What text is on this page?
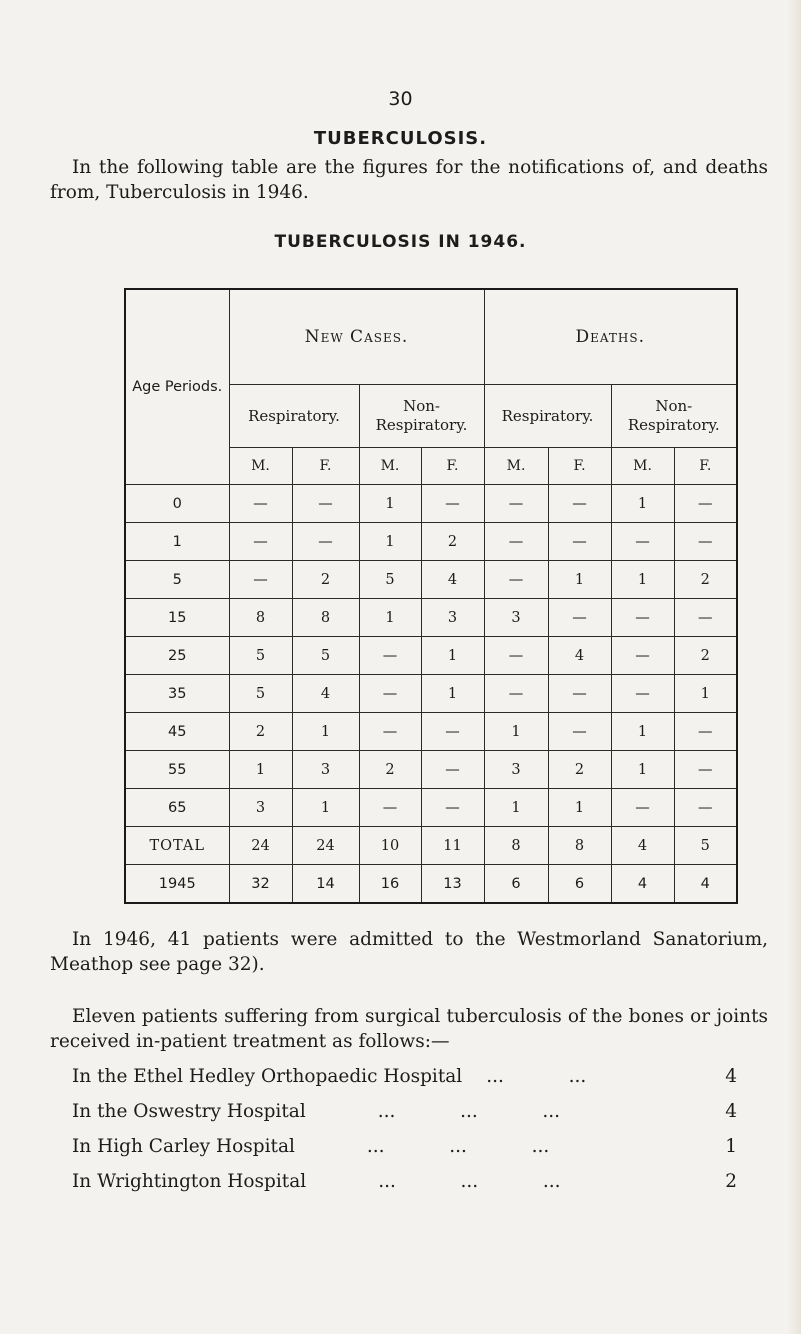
30
TUBERCULOSIS.

In the following table are the figures for the notifications of, and deaths from, Tuberculosis in 1946.

TUBERCULOSIS IN 1946.
Age Periods.	New Cases.				Deaths.			
	Respiratory.		Non-Respiratory.		Respiratory.		Non-Respiratory.	
	M.	F.	M.	F.	M.	F.	M.	F.
0	—	—	1	—	—	—	1	—
1	—	—	1	2	—	—	—	—
5	—	2	5	4	—	1	1	2
15	8	8	1	3	3	—	—	—
25	5	5	—	1	—	4	—	2
35	5	4	—	1	—	—	—	1
45	2	1	—	—	1	—	1	—
55	1	3	2	—	3	2	1	—
65	3	1	—	—	1	1	—	—
TOTAL	24	24	10	11	8	8	4	5
1945	32	14	16	13	6	6	4	4

In 1946, 41 patients were admitted to the Westmorland Sanatorium, Meathop see page 32).

Eleven patients suffering from surgical tuberculosis of the bones or joints received in-patient treatment as follows:—

In the Ethel Hedley Orthopaedic Hospital	...           ...	4
In the Oswestry Hospital	...           ...           ...	4
In High Carley Hospital	...           ...           ...	1
In Wrightington Hospital	...           ...           ...	2
